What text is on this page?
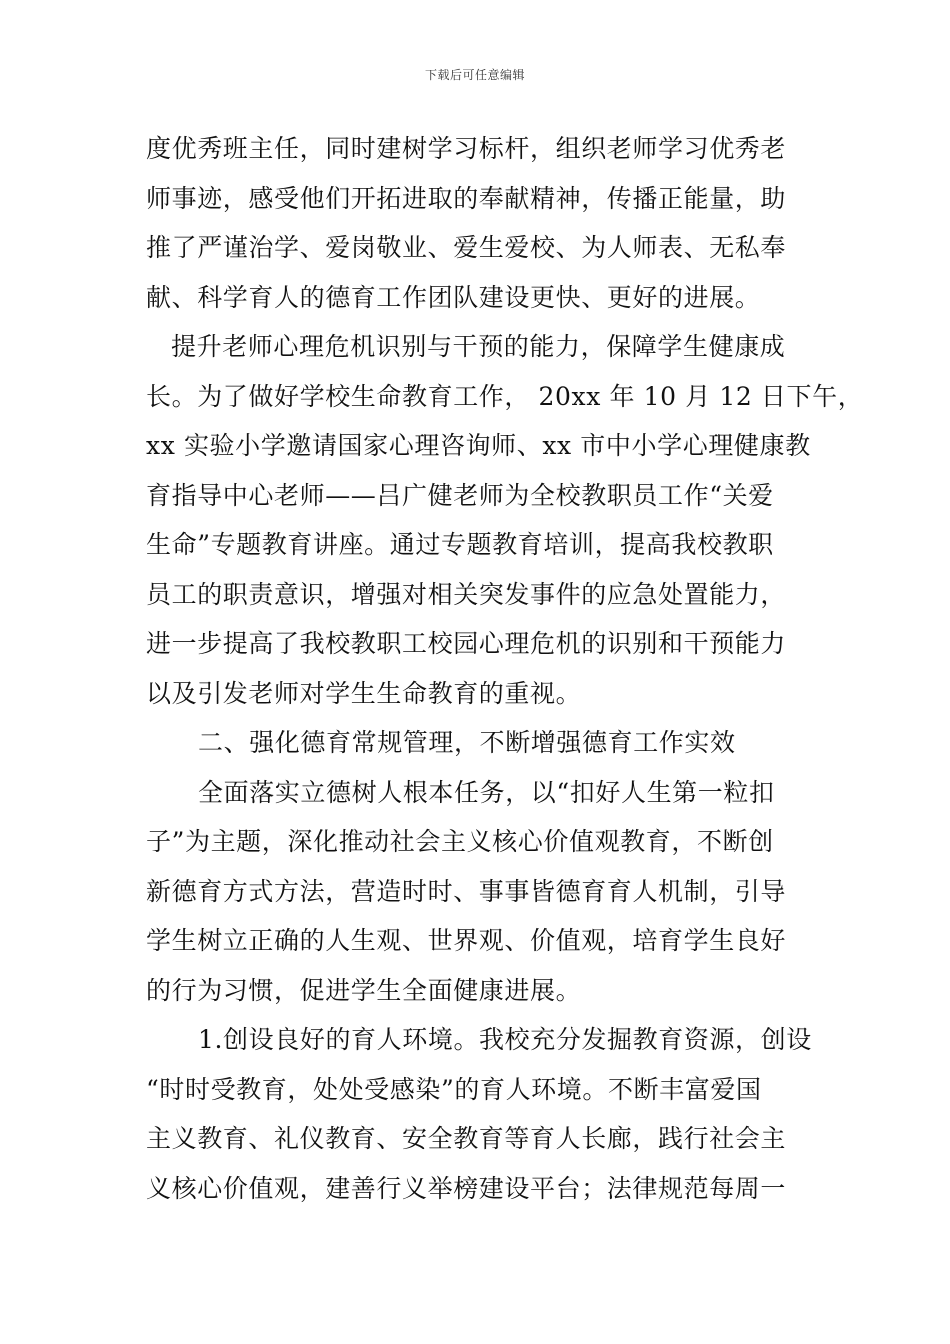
下载后可任意编辑
度优秀班主任，同时建树学习标杆，组织老师学习优秀老
师事迹，感受他们开拓进取的奉献精神，传播正能量，助
推了严谨治学、爱岗敬业、爱生爱校、为人师表、无私奉
献、科学育人的德育工作团队建设更快、更好的进展。
提升老师心理危机识别与干预的能力，保障学生健康成
长。为了做好学校生命教育工作， 20xx 年 10 月 12 日下午，
xx 实验小学邀请国家心理咨询师、xx 市中小学心理健康教
育指导中心老师——吕广健老师为全校教职员工作“关爱
生命”专题教育讲座。通过专题教育培训，提高我校教职
员工的职责意识，增强对相关突发事件的应急处置能力，
进一步提高了我校教职工校园心理危机的识别和干预能力
以及引发老师对学生生命教育的重视。
二、强化德育常规管理，不断增强德育工作实效
全面落实立德树人根本任务，以“扣好人生第一粒扣
子”为主题，深化推动社会主义核心价值观教育，不断创
新德育方式方法，营造时时、事事皆德育育人机制，引导
学生树立正确的人生观、世界观、价值观，培育学生良好
的行为习惯，促进学生全面健康进展。
1.创设良好的育人环境。我校充分发掘教育资源，创设
“时时受教育，处处受感染”的育人环境。不断丰富爱国
主义教育、礼仪教育、安全教育等育人长廊，践行社会主
义核心价值观，建善行义举榜建设平台；法律规范每周一
